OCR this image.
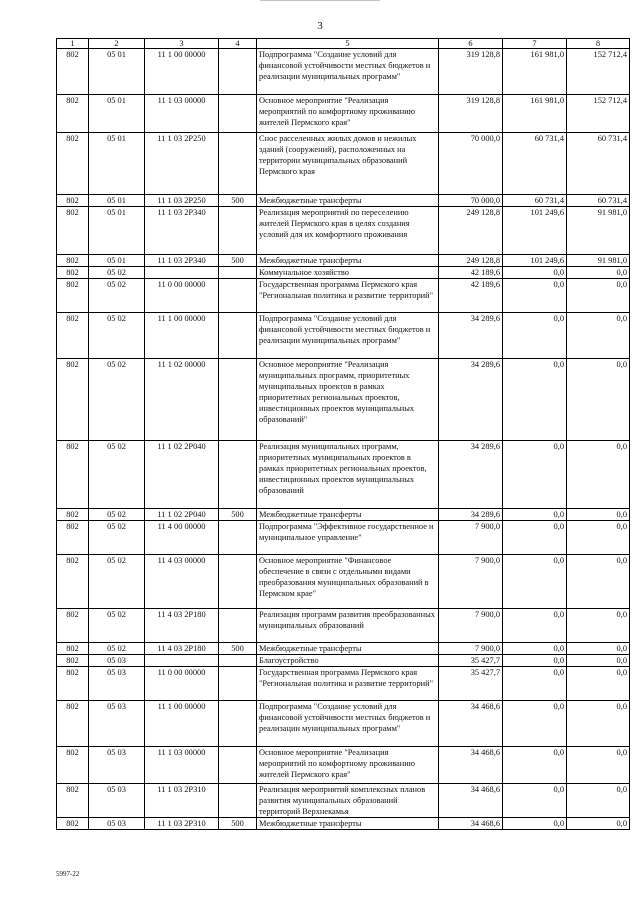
3
1	2	3	4	5	6	7	8
802	05 01	11 1 00 00000		Подпрограмма "Создание условий для финансовой устойчивости местных бюджетов и реализации муниципальных программ"	319 128,8	161 981,0	152 712,4
802	05 01	11 1 03 00000		Основное мероприятие "Реализация мероприятий по комфортному проживанию жителей Пермского края"	319 128,8	161 981,0	152 712,4
802	05 01	11 1 03 2Р250		Снос расселенных жилых домов и нежилых зданий (сооружений), расположенных на территории муниципальных образований Пермского края	70 000,0	60 731,4	60 731,4
802	05 01	11 1 03 2Р250	500	Межбюджетные трансферты	70 000,0	60 731,4	60 731,4
802	05 01	11 1 03 2Р340		Реализация мероприятий по переселению жителей Пермского края в целях создания условий для их комфортного проживания	249 128,8	101 249,6	91 981,0
802	05 01	11 1 03 2Р340	500	Межбюджетные трансферты	249 128,8	101 249,6	91 981,0
802	05 02			Коммунальное хозяйство	42 189,6	0,0	0,0
802	05 02	11 0 00 00000		Государственная программа Пермского края "Региональная политика и развитие территорий"	42 189,6	0,0	0,0
802	05 02	11 1 00 00000		Подпрограмма "Создание условий для финансовой устойчивости местных бюджетов и реализации муниципальных программ"	34 289,6	0,0	0,0
802	05 02	11 1 02 00000		Основное мероприятие "Реализация муниципальных программ, приоритетных муниципальных проектов в рамках приоритетных региональных проектов, инвестиционных проектов муниципальных образований"	34 289,6	0,0	0,0
802	05 02	11 1 02 2Р040		Реализация муниципальных программ, приоритетных муниципальных проектов в рамках приоритетных региональных проектов, инвестиционных проектов муниципальных образований	34 289,6	0,0	0,0
802	05 02	11 1 02 2Р040	500	Межбюджетные трансферты	34 289,6	0,0	0,0
802	05 02	11 4 00 00000		Подпрограмма "Эффективное государственное и муниципальное управление"	7 900,0	0,0	0,0
802	05 02	11 4 03 00000		Основное мероприятие "Финансовое обеспечение в связи с отдельными видами преобразования муниципальных образований в Пермском крае"	7 900,0	0,0	0,0
802	05 02	11 4 03 2Р180		Реализация программ развития преобразованных муниципальных образований	7 900,0	0,0	0,0
802	05 02	11 4 03 2Р180	500	Межбюджетные трансферты	7 900,0	0,0	0,0
802	05 03			Благоустройство	35 427,7	0,0	0,0
802	05 03	11 0 00 00000		Государственная программа Пермского края "Региональная политика и развитие территорий"	35 427,7	0,0	0,0
802	05 03	11 1 00 00000		Подпрограмма "Создание условий для финансовой устойчивости местных бюджетов и реализации муниципальных программ"	34 468,6	0,0	0,0
802	05 03	11 1 03 00000		Основное мероприятие "Реализация мероприятий по комфортному проживанию жителей Пермского края"	34 468,6	0,0	0,0
802	05 03	11 1 03 2Р310		Реализация мероприятий комплексных планов развития муниципальных образований территорий Верхнекамья	34 468,6	0,0	0,0
802	05 03	11 1 03 2Р310	500	Межбюджетные трансферты	34 468,6	0,0	0,0
5997-22
